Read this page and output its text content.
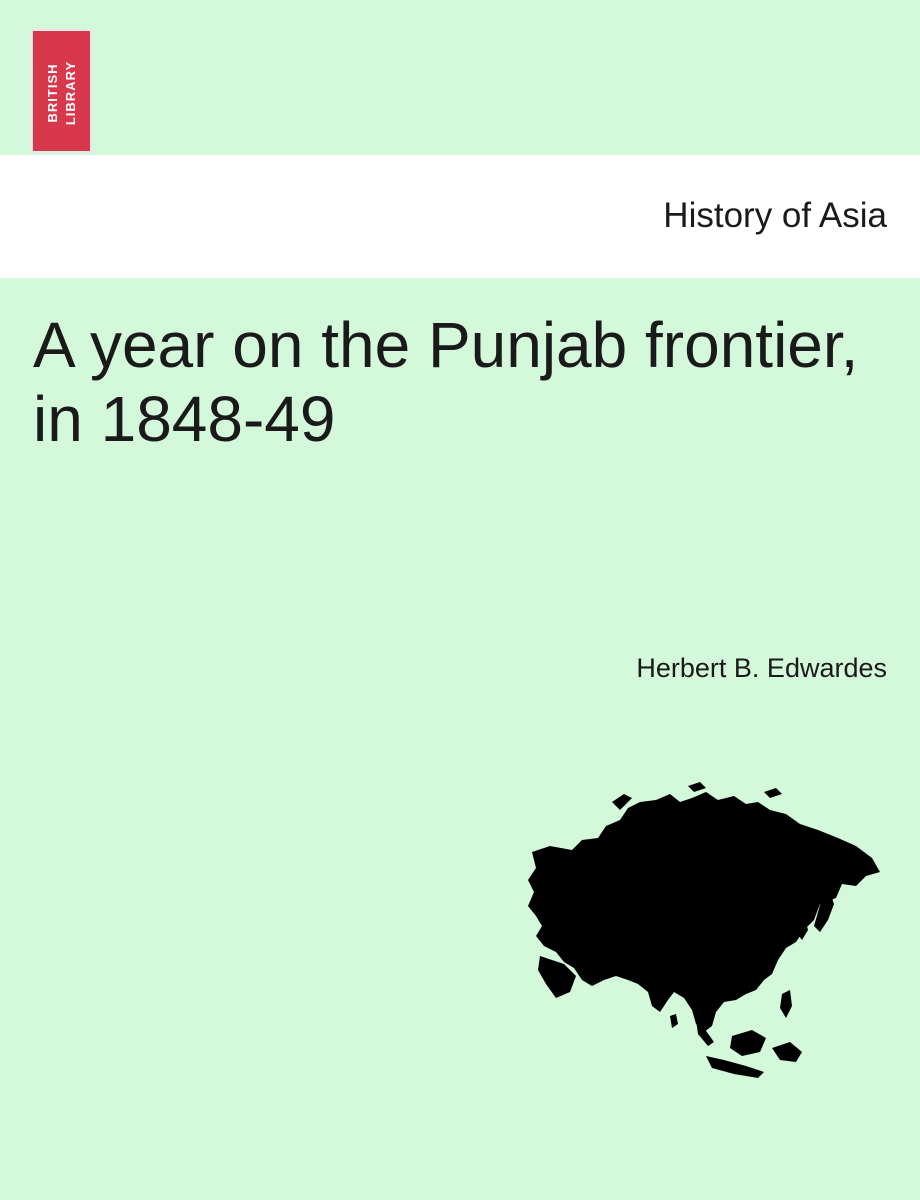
BRITISH LIBRARY
History of Asia
A year on the Punjab frontier, in 1848-49
Herbert B. Edwardes
